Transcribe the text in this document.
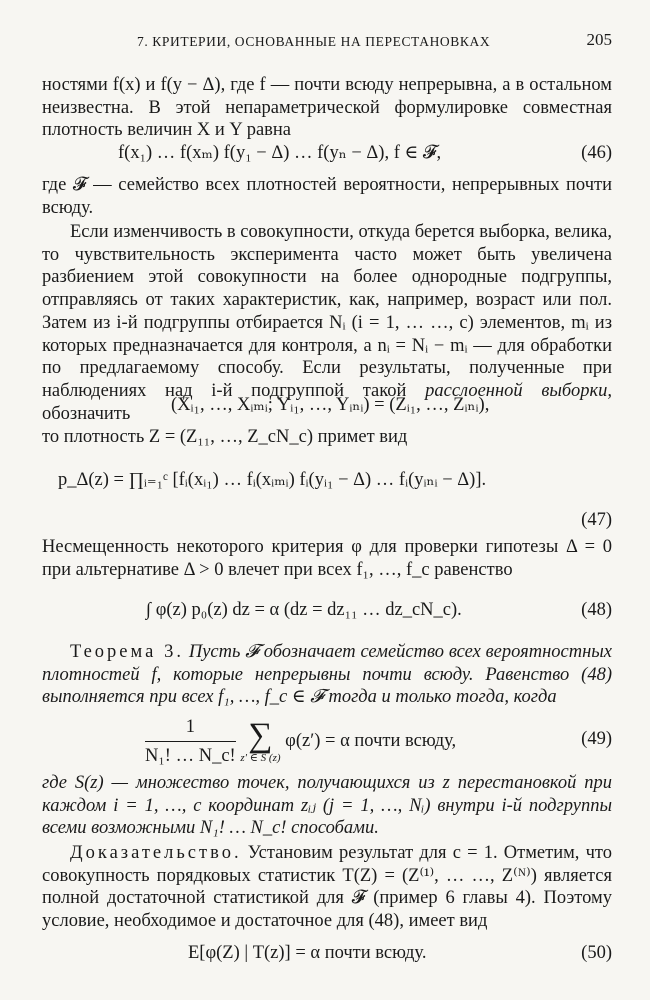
7. КРИТЕРИИ, ОСНОВАННЫЕ НА ПЕРЕСТАНОВКАХ	205

ностями f(x) и f(y − Δ), где f — почти всюду непрерывна, а в остальном неизвестна. В этой непараметрической формулировке совместная плотность величин X и Y равна

f(x₁) … f(xₘ) f(y₁ − Δ) … f(yₙ − Δ), f ∈ 𝓕,	(46)

где 𝓕 — семейство всех плотностей вероятности, непрерывных почти всюду.

Если изменчивость в совокупности, откуда берется выборка, велика, то чувствительность эксперимента часто может быть увеличена разбиением этой совокупности на более однородные подгруппы, отправляясь от таких характеристик, как, например, возраст или пол. Затем из i-й подгруппы отбирается Nᵢ (i = 1, … …, c) элементов, mᵢ из которых предназначается для контроля, а nᵢ = Nᵢ − mᵢ — для обработки по предлагаемому способу. Если результаты, полученные при наблюдениях над i-й подгруппой такой расслоенной выборки, обозначить	(Xᵢ₁, …, Xᵢₘᵢ; Yᵢ₁, …, Yᵢₙᵢ) = (Zᵢ₁, …, Zᵢₙᵢ),

то плотность Z = (Z₁₁, …, Z_cN_c) примет вид

p_Δ(z) = ∏ᵢ₌₁ᶜ [fᵢ(xᵢ₁) … fᵢ(xᵢₘᵢ) fᵢ(yᵢ₁ − Δ) … fᵢ(yᵢₙᵢ − Δ)].
(47)

Несмещенность некоторого критерия φ для проверки гипотезы Δ = 0 при альтернативе Δ > 0 влечет при всех f₁, …, f_c равенство

∫ φ(z) p₀(z) dz = α (dz = dz₁₁ … dz_cN_c).	(48)

Теорема 3. Пусть 𝓕 обозначает семейство всех вероятностных плотностей f, которые непрерывны почти всюду. Равенство (48) выполняется при всех f₁, …, f_c ∈ 𝓕 тогда и только тогда, когда

$\frac{1}{\text{N₁! … N\_c!}}$ ∑
z′ ∈ S (z)
φ(z′) = α почти всюду,	(49)

где S(z) — множество точек, получающихся из z перестановкой при каждом i = 1, …, c координат zᵢⱼ (j = 1, …, Nᵢ) внутри i-й подгруппы всеми возможными N₁! … N_c! способами.

Доказательство. Установим результат для c = 1. Отметим, что совокупность порядковых статистик T(Z) = (Z⁽¹⁾, … …, Z⁽ᴺ⁾) является полной достаточной статистикой для 𝓕 (пример 6 главы 4). Поэтому условие, необходимое и достаточное для (48), имеет вид

E[φ(Z) | T(z)] = α почти всюду.	(50)
